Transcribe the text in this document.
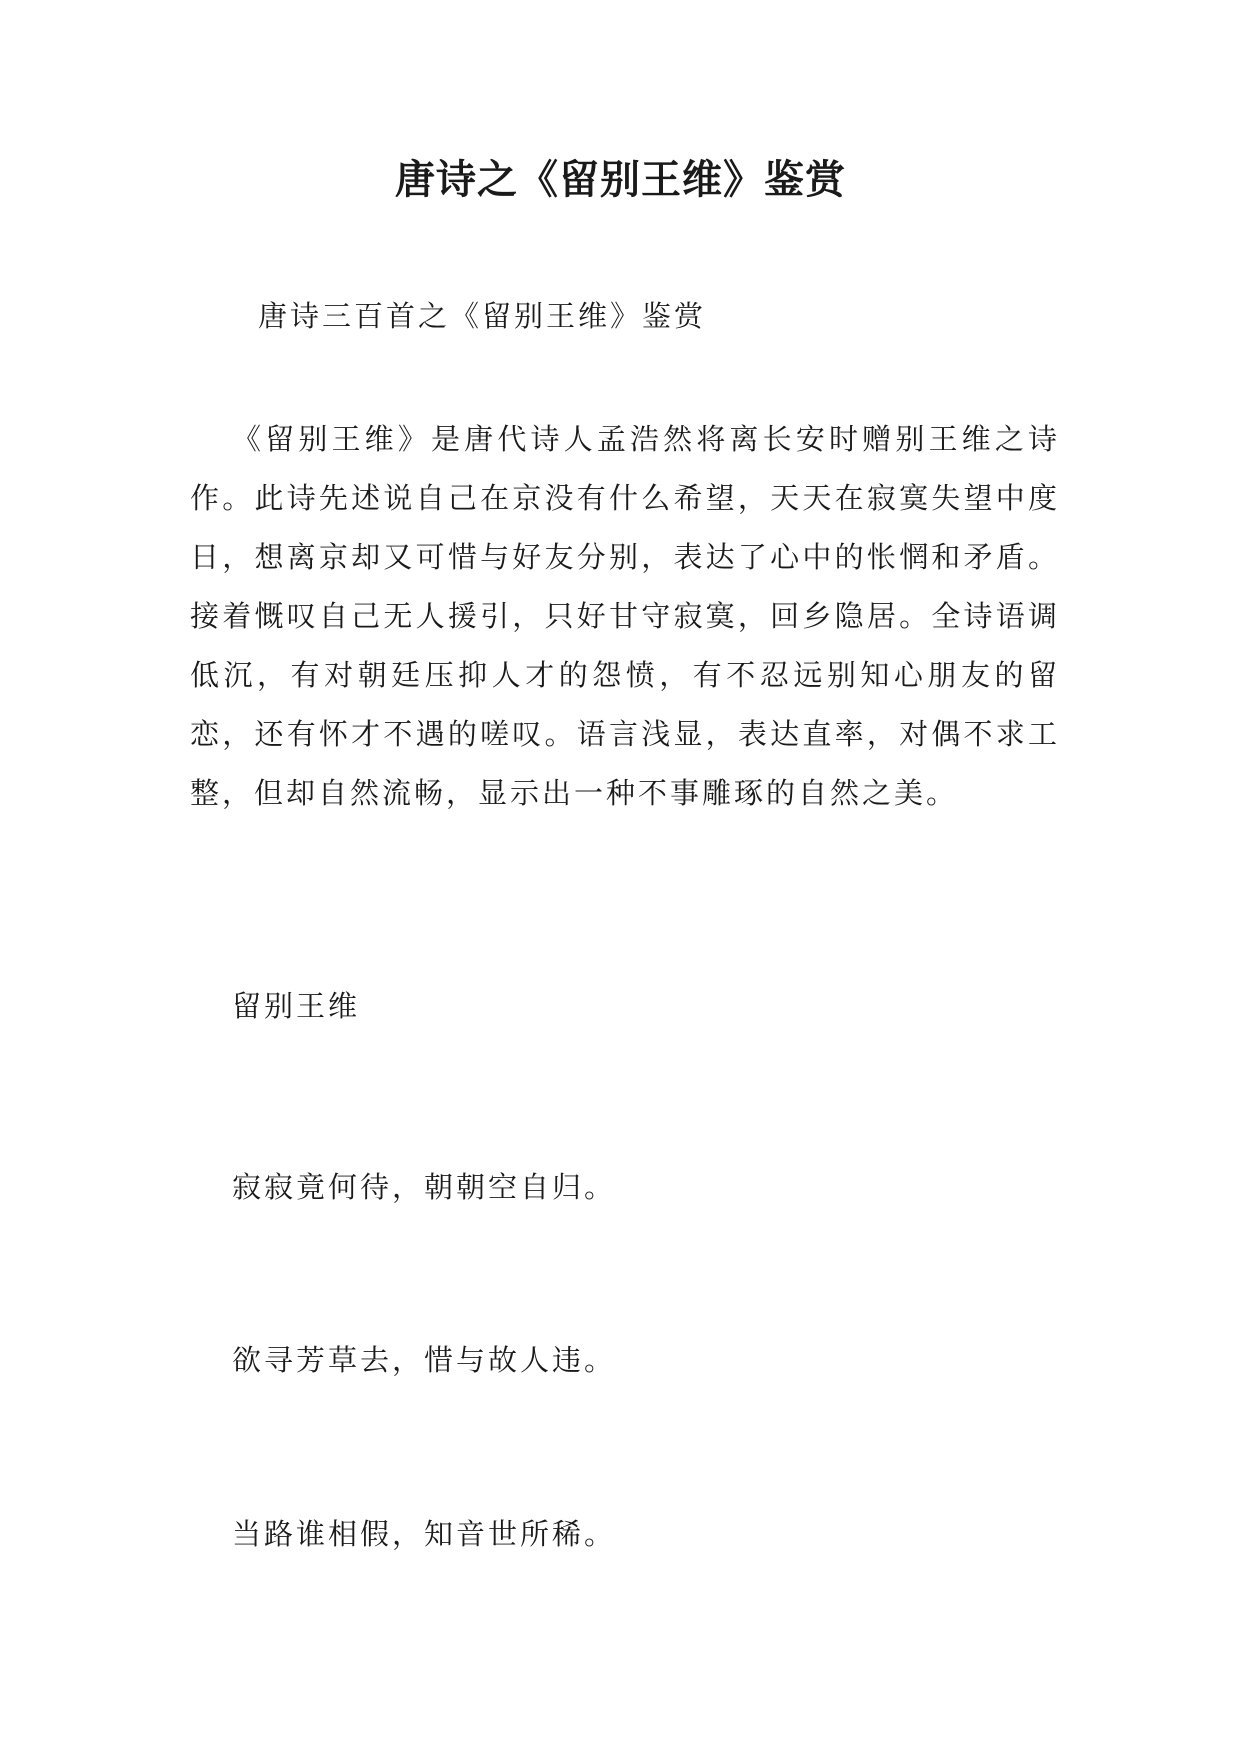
唐诗之《留别王维》鉴赏
唐诗三百首之《留别王维》鉴赏

《留别王维》是唐代诗人孟浩然将离长安时赠别王维之诗作。此诗先述说自己在京没有什么希望，天天在寂寞失望中度日，想离京却又可惜与好友分别，表达了心中的怅惘和矛盾。接着慨叹自己无人援引，只好甘守寂寞，回乡隐居。全诗语调低沉，有对朝廷压抑人才的怨愤，有不忍远别知心朋友的留恋，还有怀才不遇的嗟叹。语言浅显，表达直率，对偶不求工整，但却自然流畅，显示出一种不事雕琢的自然之美。

留别王维
寂寂竟何待，朝朝空自归。
欲寻芳草去，惜与故人违。
当路谁相假，知音世所稀。
